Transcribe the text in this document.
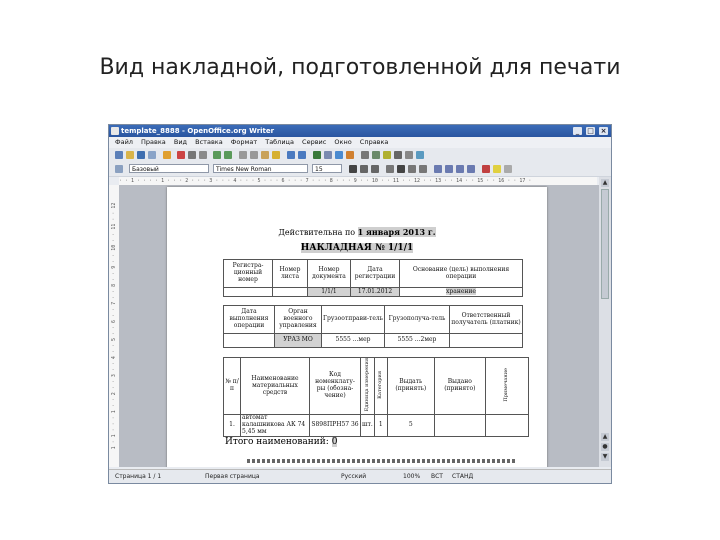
Вид накладной, подготовленной для печати
template_8888 - OpenOffice.org Writer	_	□ ×
Файл Правка Вид Вставка Формат Таблица Сервис Окно Справка
Базовый	Times New Roman	15
· · 1 · · · · 1 · · · 2 · · · 3 · · · 4 · · · 5 · · · 6 · · · 7 · · · 8 · · · 9 · · 10 · · 11 · · 12 · · 13 · · 14 · · 15 · · 16 · · 17 ·
1 · 1 · · · 1 · · 2 · · 3 · · 4 · · 5 · · 6 · · 7 · · 8 · · 9 · · 10 · · 11 · · 12	Действительна по 1 января 2013 г.
НАКЛАДНАЯ № 1/1/1
Регистра-ционный номер	Номер листа	Номер документа	Дата регистрации	Основание (цель) выполнения операции
		1/1/1	17.01.2012	хранение
Дата выполнения операции	Орган военного управления	Грузоотправи-тель	Грузополуча-тель	Ответственный получатель (платник)
	УРАЗ МО	5555 ...мер	5555 ...2мер	
№ п/п	Наименование материальных средств	Код номенклату-ры (обозна-чение)	Единица измерения	Категория	Выдать (принять)	Выдано (принято)	Примечание
1.	автомат калашникова АК 74 5,45 мм	S898ПРН57 36	шт.	1	5		
Итого наименований: 0
▲
▲
●
▼
Страница 1 / 1	Первая страница	Русский	100% ВСТ СТАНД
